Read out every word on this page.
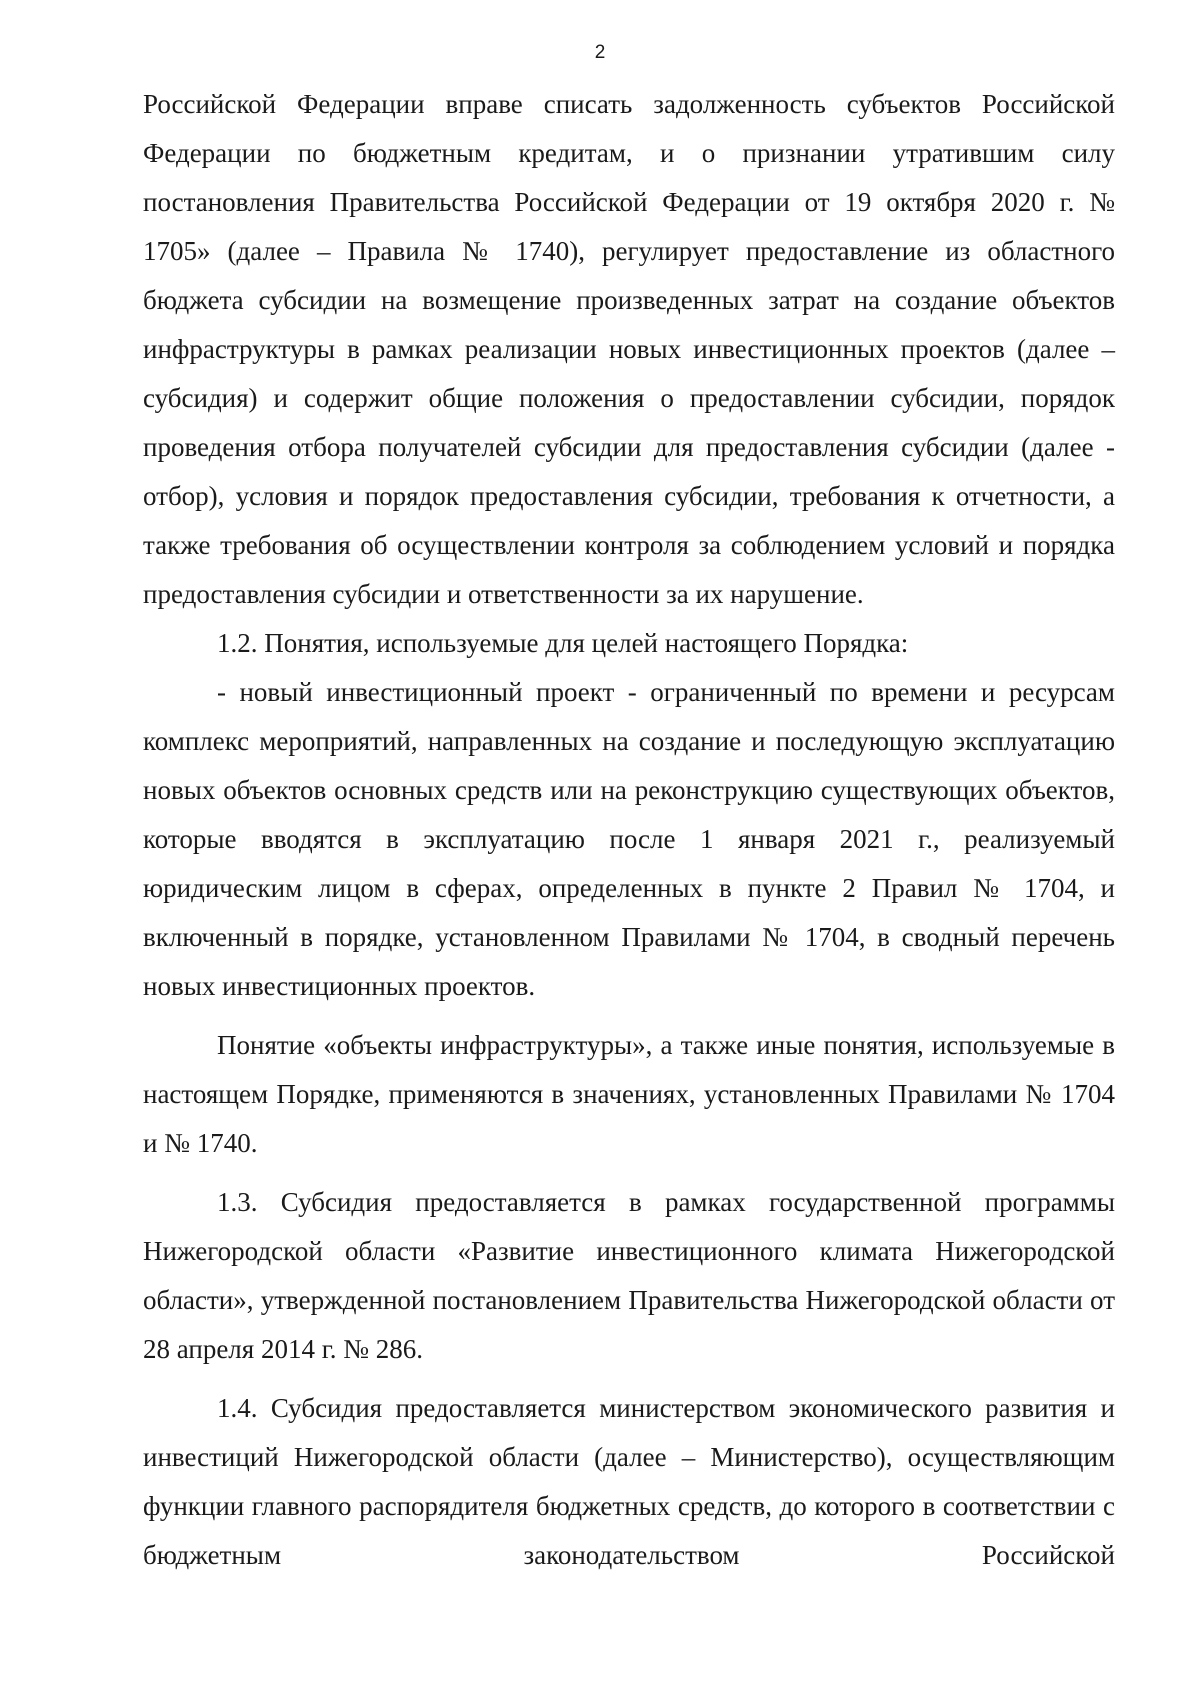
2

Российской Федерации вправе списать задолженность субъектов Российской Федерации по бюджетным кредитам, и о признании утратившим силу постановления Правительства Российской Федерации от 19 октября 2020 г. № 1705» (далее – Правила № 1740), регулирует предоставление из областного бюджета субсидии на возмещение произведенных затрат на создание объектов инфраструктуры в рамках реализации новых инвестиционных проектов (далее – субсидия) и содержит общие положения о предоставлении субсидии, порядок проведения отбора получателей субсидии для предоставления субсидии (далее - отбор), условия и порядок предоставления субсидии, требования к отчетности, а также требования об осуществлении контроля за соблюдением условий и порядка предоставления субсидии и ответственности за их нарушение.

1.2. Понятия, используемые для целей настоящего Порядка:

- новый инвестиционный проект - ограниченный по времени и ресурсам комплекс мероприятий, направленных на создание и последующую эксплуатацию новых объектов основных средств или на реконструкцию существующих объектов, которые вводятся в эксплуатацию после 1 января 2021 г., реализуемый юридическим лицом в сферах, определенных в пункте 2 Правил № 1704, и включенный в порядке, установленном Правилами № 1704, в сводный перечень новых инвестиционных проектов.

Понятие «объекты инфраструктуры», а также иные понятия, используемые в настоящем Порядке, применяются в значениях, установленных Правилами № 1704 и № 1740.

1.3. Субсидия предоставляется в рамках государственной программы Нижегородской области «Развитие инвестиционного климата Нижегородской области», утвержденной постановлением Правительства Нижегородской области от 28 апреля 2014 г. № 286.

1.4. Субсидия предоставляется министерством экономического развития и инвестиций Нижегородской области (далее – Министерство), осуществляющим функции главного распорядителя бюджетных средств, до которого в соответствии с бюджетным законодательством Российской
